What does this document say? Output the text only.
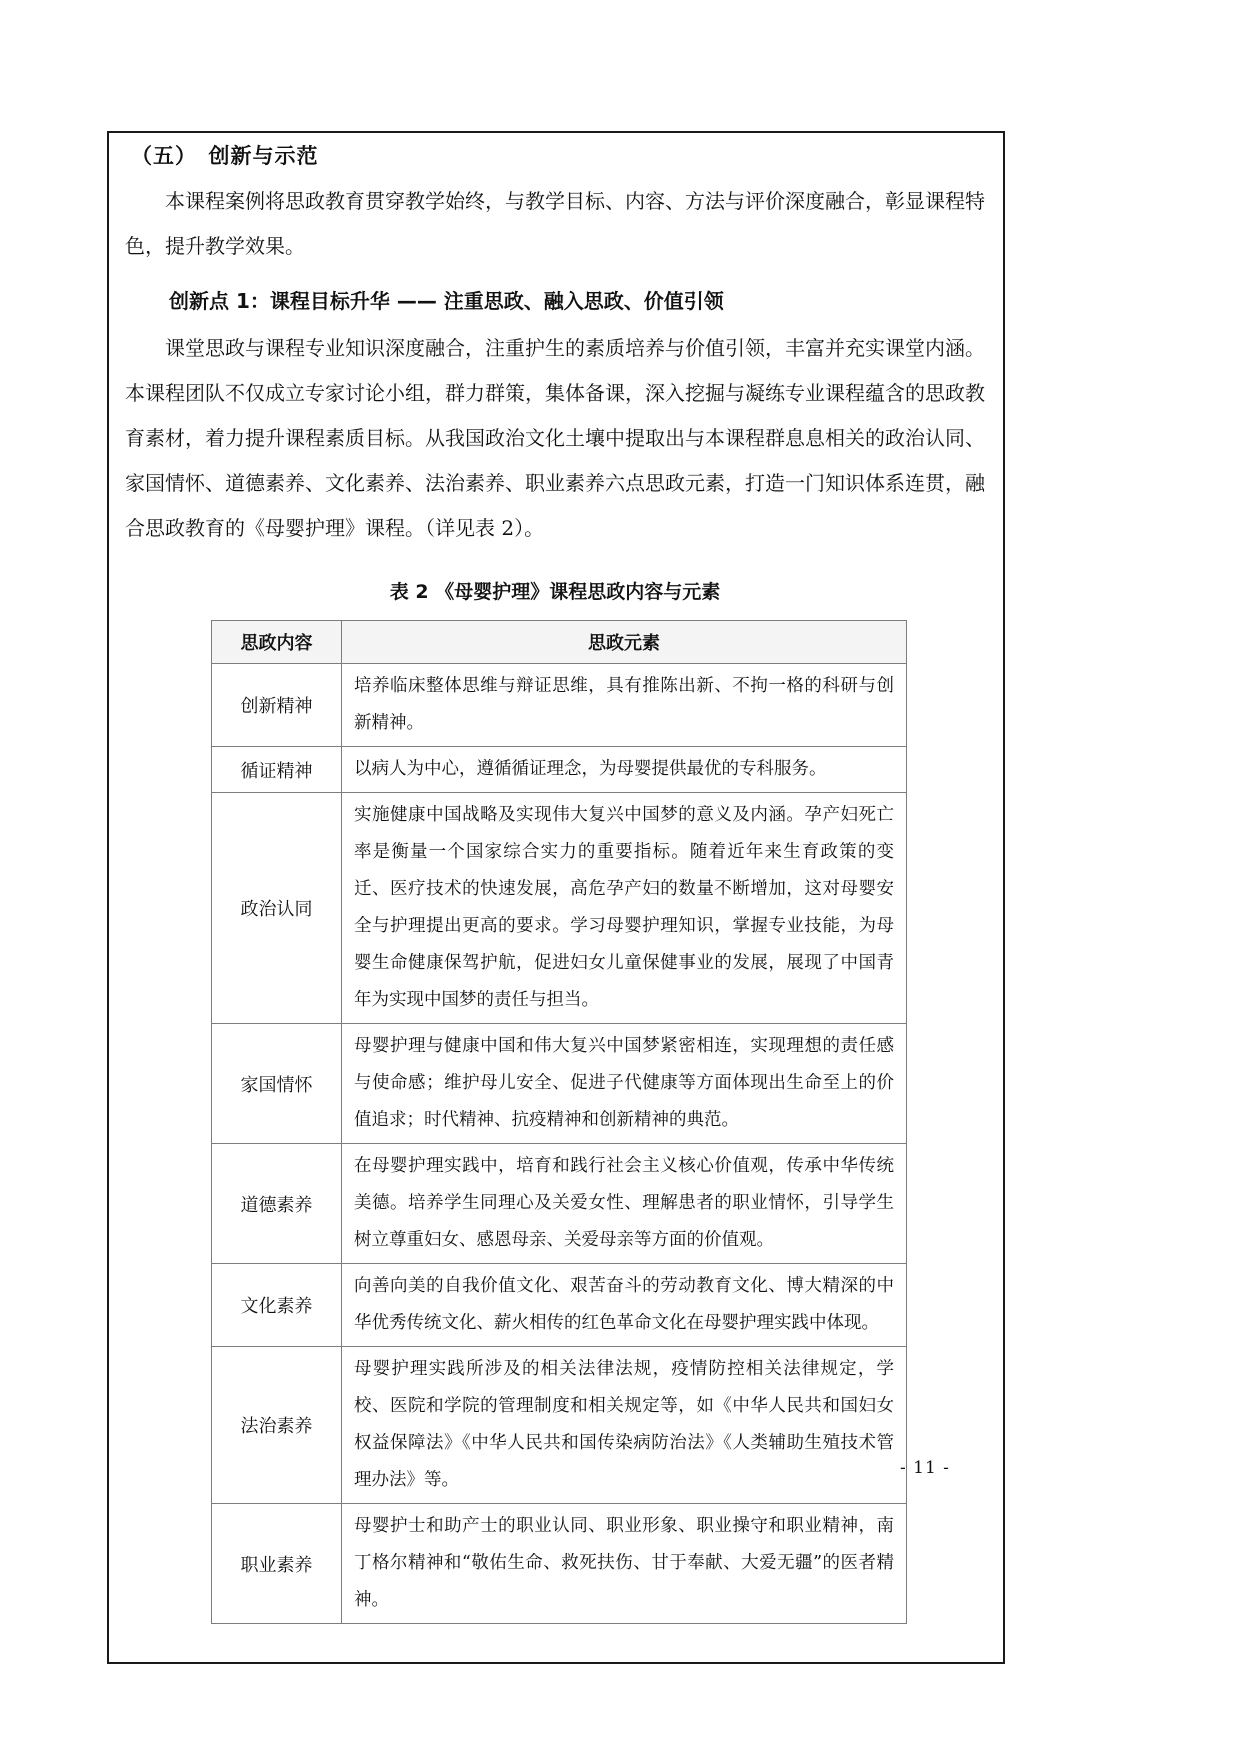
（五）　创新与示范

本课程案例将思政教育贯穿教学始终，与教学目标、内容、方法与评价深度融合，彰显课程特色，提升教学效果。

创新点 1：课程目标升华 —— 注重思政、融入思政、价值引领

课堂思政与课程专业知识深度融合，注重护生的素质培养与价值引领，丰富并充实课堂内涵。本课程团队不仅成立专家讨论小组，群力群策，集体备课，深入挖掘与凝练专业课程蕴含的思政教育素材，着力提升课程素质目标。从我国政治文化土壤中提取出与本课程群息息相关的政治认同、家国情怀、道德素养、文化素养、法治素养、职业素养六点思政元素，打造一门知识体系连贯，融合思政教育的《母婴护理》课程。（详见表 2）。

表 2 《母婴护理》课程思政内容与元素
思政内容	思政元素
创新精神	培养临床整体思维与辩证思维，具有推陈出新、不拘一格的科研与创新精神。
循证精神	以病人为中心，遵循循证理念，为母婴提供最优的专科服务。
政治认同	实施健康中国战略及实现伟大复兴中国梦的意义及内涵。孕产妇死亡率是衡量一个国家综合实力的重要指标。随着近年来生育政策的变迁、医疗技术的快速发展，高危孕产妇的数量不断增加，这对母婴安全与护理提出更高的要求。学习母婴护理知识，掌握专业技能，为母婴生命健康保驾护航，促进妇女儿童保健事业的发展，展现了中国青年为实现中国梦的责任与担当。
家国情怀	母婴护理与健康中国和伟大复兴中国梦紧密相连，实现理想的责任感与使命感；维护母儿安全、促进子代健康等方面体现出生命至上的价值追求；时代精神、抗疫精神和创新精神的典范。
道德素养	在母婴护理实践中，培育和践行社会主义核心价值观，传承中华传统美德。培养学生同理心及关爱女性、理解患者的职业情怀，引导学生树立尊重妇女、感恩母亲、关爱母亲等方面的价值观。
文化素养	向善向美的自我价值文化、艰苦奋斗的劳动教育文化、博大精深的中华优秀传统文化、薪火相传的红色革命文化在母婴护理实践中体现。
法治素养	母婴护理实践所涉及的相关法律法规，疫情防控相关法律规定，学校、医院和学院的管理制度和相关规定等，如《中华人民共和国妇女权益保障法》《中华人民共和国传染病防治法》《人类辅助生殖技术管理办法》等。
职业素养	母婴护士和助产士的职业认同、职业形象、职业操守和职业精神，南丁格尔精神和“敬佑生命、救死扶伤、甘于奉献、大爱无疆”的医者精神。
- 11 -
